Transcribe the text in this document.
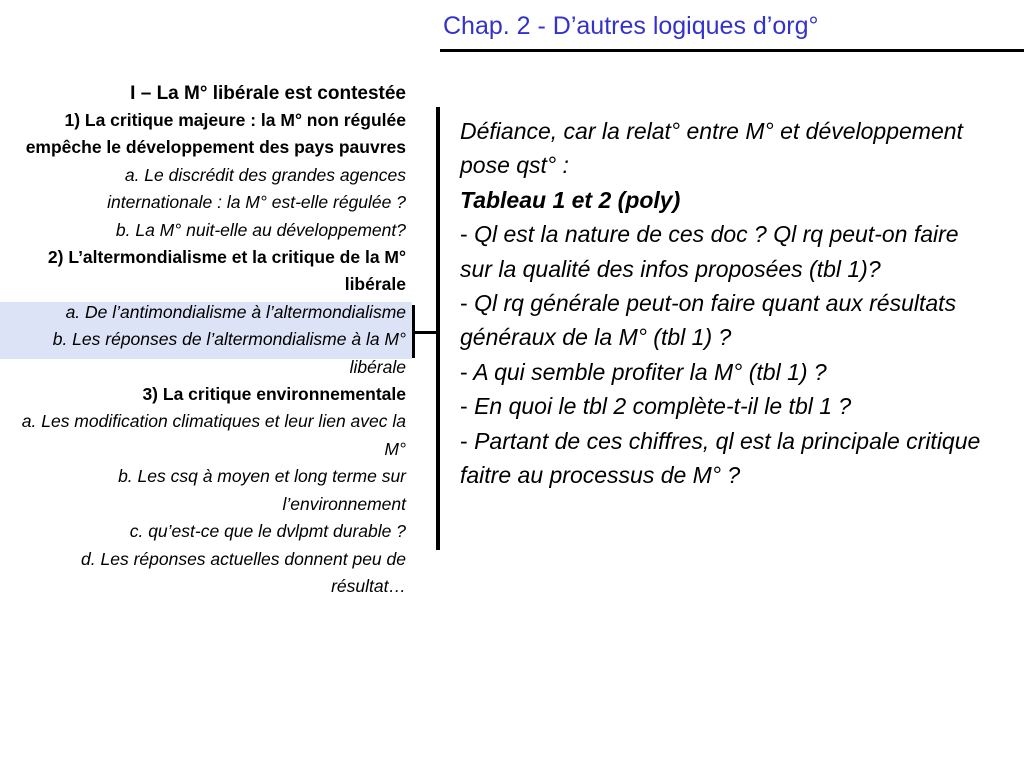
Chap. 2 - D’autres logiques d’org°
I – La M° libérale est contestée
1) La critique majeure : la M° non régulée empêche le développement des pays pauvres
a. Le discrédit des grandes agences internationale : la M° est-elle régulée ?
b. La M° nuit-elle au développement?
2) L’altermondialisme et la critique de la M° libérale
a. De l’antimondialisme à l’altermondialisme
b. Les réponses de l’altermondialisme à la M° libérale
3) La critique environnementale
a. Les modification climatiques et leur lien avec la M°
b. Les csq à moyen et long terme sur l’environnement
c. qu’est-ce que le dvlpmt durable ?
d. Les réponses actuelles donnent peu de résultat…

Défiance, car la relat° entre M° et développement pose qst° :

Tableau 1 et 2 (poly)

- Ql est la nature de ces doc ? Ql rq peut-on faire sur la qualité des infos proposées (tbl 1)?

- Ql rq générale peut-on faire quant aux résultats généraux de la M° (tbl 1) ?

- A qui semble profiter la M° (tbl 1) ?

- En quoi le tbl 2 complète-t-il le tbl 1 ?

- Partant de ces chiffres, ql est la principale critique faitre au processus de M° ?
